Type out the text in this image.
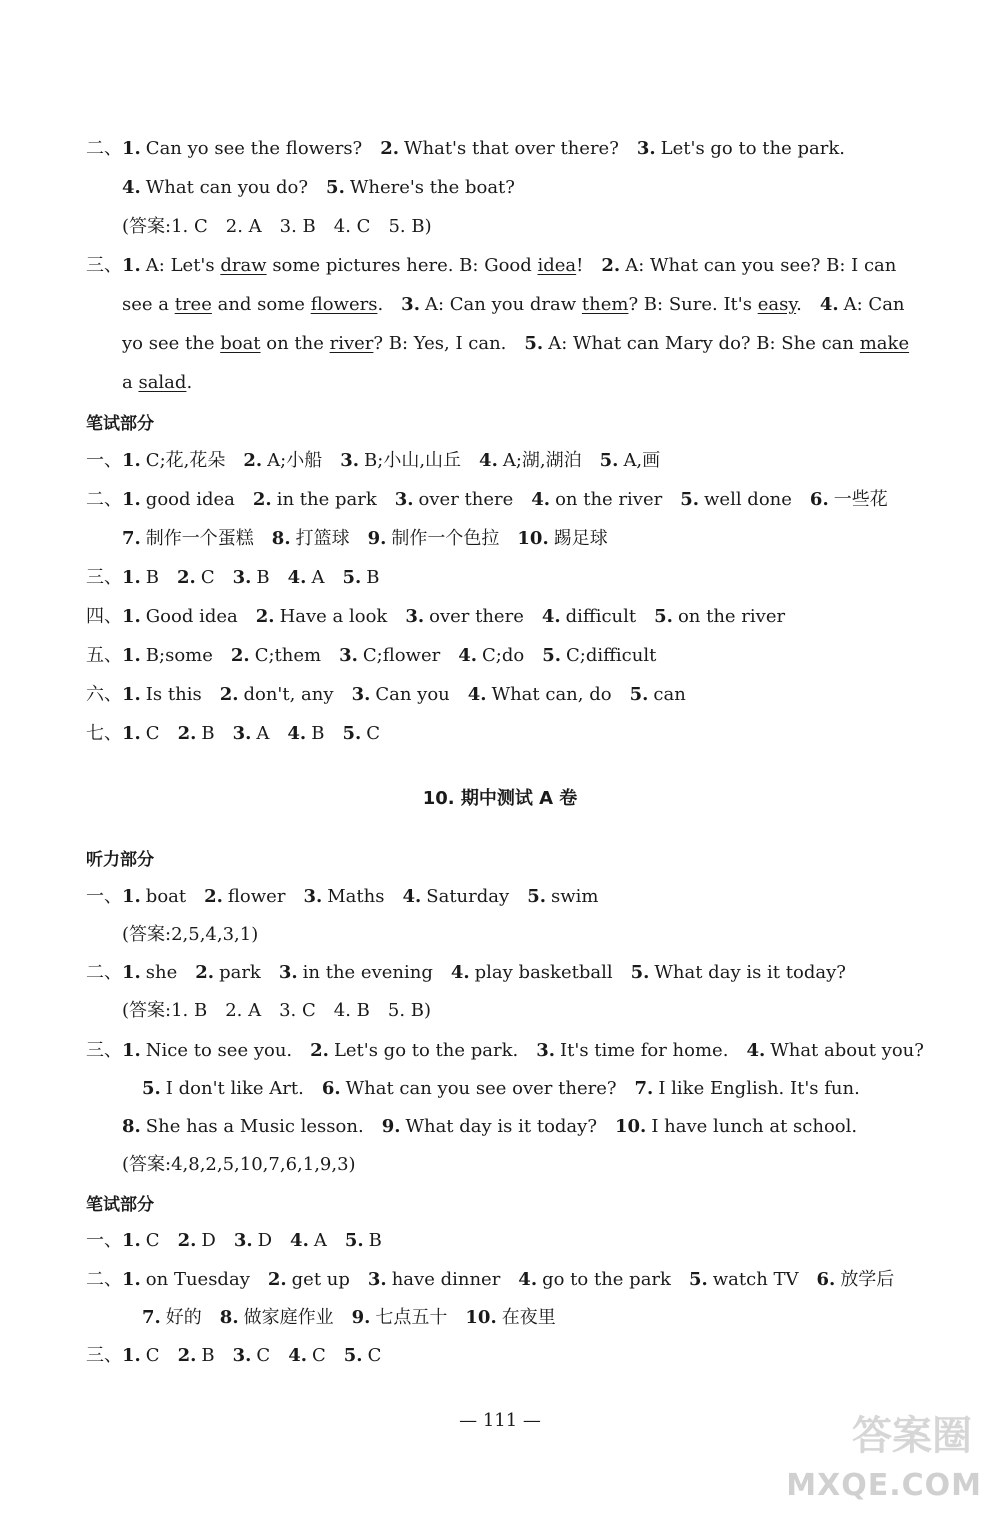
二、1. Can yo see the flowers? 2. What's that over there? 3. Let's go to the park.
4. What can you do? 5. Where's the boat?
(答案:1. C　2. A　3. B　4. C　5. B)
三、1. A: Let's draw some pictures here. B: Good idea! 2. A: What can you see? B: I can
see a tree and some flowers. 3. A: Can you draw them? B: Sure. It's easy. 4. A: Can
yo see the boat on the river? B: Yes, I can. 5. A: What can Mary do? B: She can make
a salad.
笔试部分
一、1. C;花,花朵 2. A;小船 3. B;小山,山丘 4. A;湖,湖泊 5. A,画
二、1. good idea 2. in the park 3. over there 4. on the river 5. well done 6. 一些花
7. 制作一个蛋糕 8. 打篮球 9. 制作一个色拉 10. 踢足球
三、1. B 2. C 3. B 4. A 5. B
四、1. Good idea 2. Have a look 3. over there 4. difficult 5. on the river
五、1. B;some 2. C;them 3. C;flower 4. C;do 5. C;difficult
六、1. Is this 2. don't, any 3. Can you 4. What can, do 5. can
七、1. C 2. B 3. A 4. B 5. C
10. 期中测试 A 卷
听力部分
一、1. boat 2. flower 3. Maths 4. Saturday 5. swim
(答案:2,5,4,3,1)
二、1. she 2. park 3. in the evening 4. play basketball 5. What day is it today?
(答案:1. B　2. A　3. C　4. B　5. B)
三、1. Nice to see you. 2. Let's go to the park. 3. It's time for home. 4. What about you?
5. I don't like Art. 6. What can you see over there? 7. I like English. It's fun.
8. She has a Music lesson. 9. What day is it today? 10. I have lunch at school.
(答案:4,8,2,5,10,7,6,1,9,3)
笔试部分
一、1. C 2. D 3. D 4. A 5. B
二、1. on Tuesday 2. get up 3. have dinner 4. go to the park 5. watch TV 6. 放学后
7. 好的 8. 做家庭作业 9. 七点五十 10. 在夜里
三、1. C 2. B 3. C 4. C 5. C
— 111 —	答案圈
MXQE.COM
